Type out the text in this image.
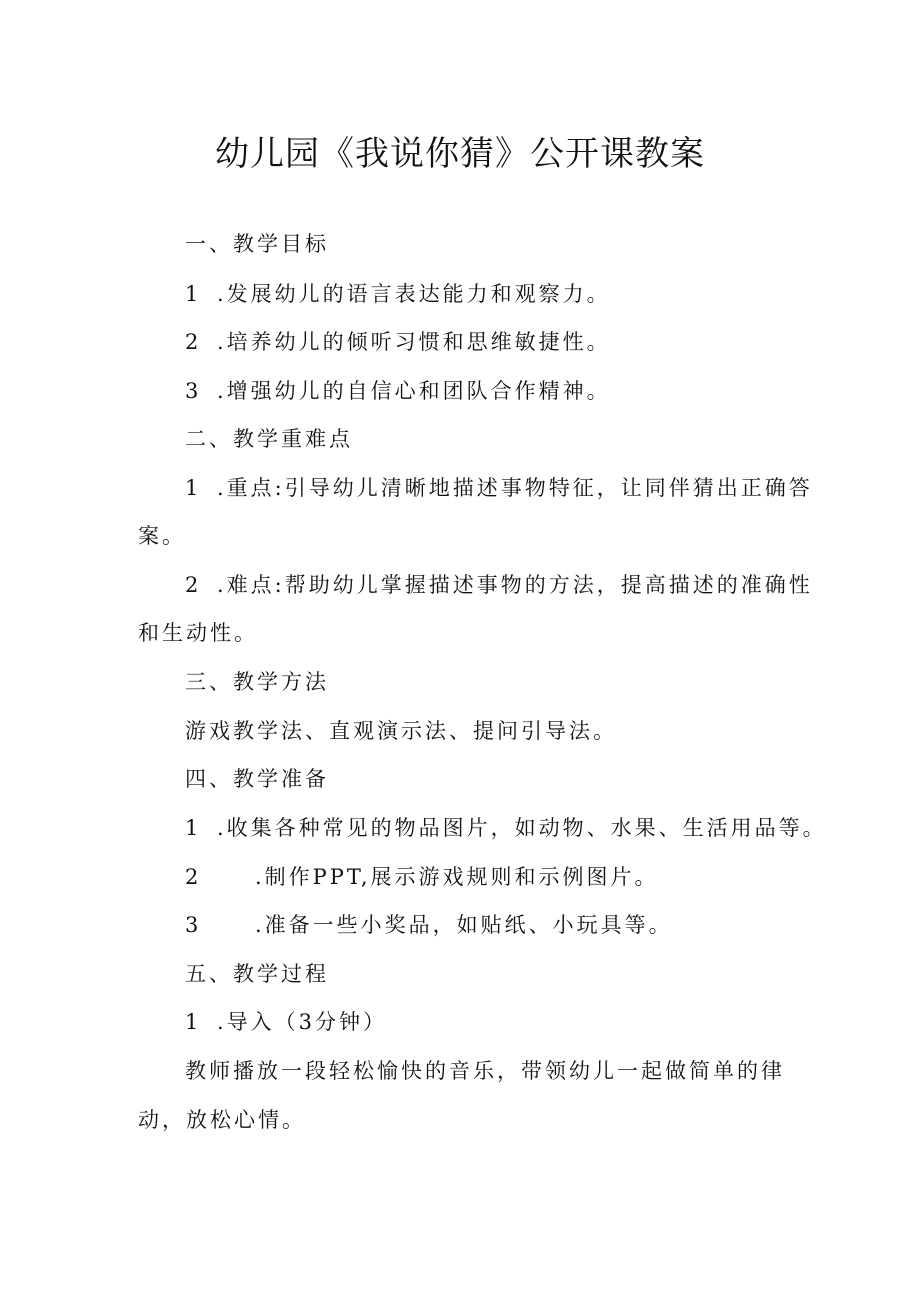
幼儿园《我说你猜》公开课教案
一、教学目标
1 .发展幼儿的语言表达能力和观察力。
2 .培养幼儿的倾听习惯和思维敏捷性。
3 .增强幼儿的自信心和团队合作精神。
二、教学重难点
1 .重点:引导幼儿清晰地描述事物特征，让同伴猜出正确答
案。
2 .难点:帮助幼儿掌握描述事物的方法，提高描述的准确性
和生动性。
三、教学方法
游戏教学法、直观演示法、提问引导法。
四、教学准备
1 .收集各种常见的物品图片，如动物、水果、生活用品等。
2	.制作PPT,展示游戏规则和示例图片。
3	.准备一些小奖品，如贴纸、小玩具等。
五、教学过程
1 .导入（3分钟）
教师播放一段轻松愉快的音乐，带领幼儿一起做简单的律
动，放松心情。
